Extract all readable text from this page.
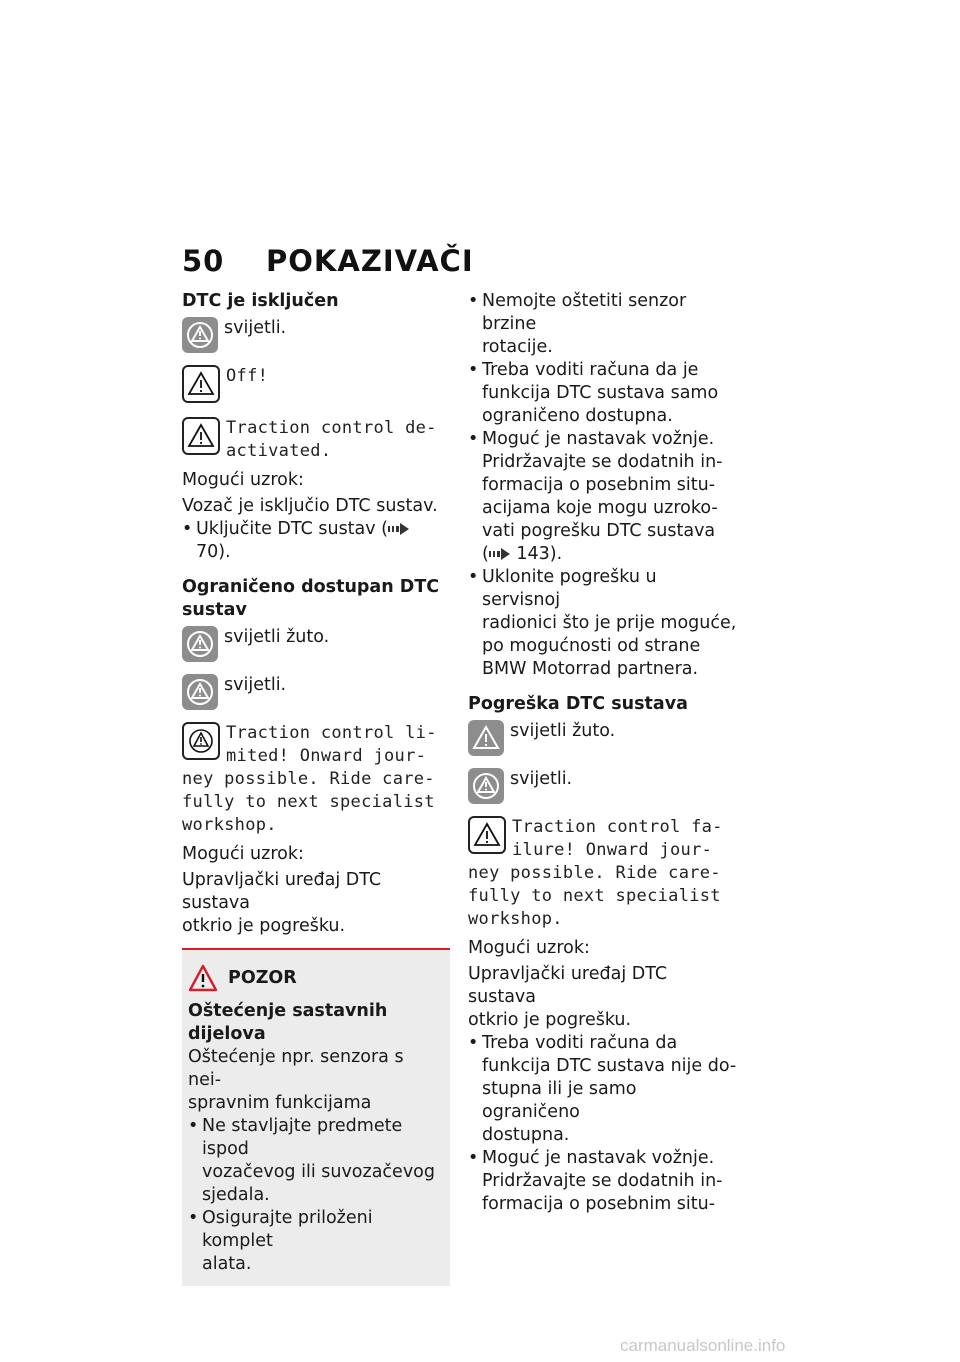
50 POKAZIVAČI

DTC je isključen

svijetli.
Off!
Traction control de-
activated.

Mogući uzrok:

Vozač je isključio DTC sustav.

• Uključite DTC sustav ( 70).

Ograničeno dostupan DTC

sustav

svijetli žuto.
svijetli.
Traction control li-
mited! Onward jour-
ney possible. Ride care-
fully to next specialist
workshop.

Mogući uzrok:

Upravljački uređaj DTC sustava

otkrio je pogrešku.

POZOR

Oštećenje sastavnih dijelova

Oštećenje npr. senzora s nei-

spravnim funkcijama

• Ne stavljajte predmete ispod
vozačevog ili suvozačevog
sjedala.
• Osigurajte priloženi komplet
alata.
• Nemojte oštetiti senzor brzine
rotacije.
• Treba voditi računa da je
funkcija DTC sustava samo
ograničeno dostupna.
• Moguć je nastavak vožnje.
Pridržavajte se dodatnih in-
formacija o posebnim situ-
acijama koje mogu uzroko-
vati pogrešku DTC sustava
( 143).
• Uklonite pogrešku u servisnoj
radionici što je prije moguće,
po mogućnosti od strane
BMW Motorrad partnera.

Pogreška DTC sustava

svijetli žuto.
svijetli.
Traction control fa-
ilure! Onward jour-
ney possible. Ride care-
fully to next specialist
workshop.

Mogući uzrok:

Upravljački uređaj DTC sustava

otkrio je pogrešku.

• Treba voditi računa da
funkcija DTC sustava nije do-
stupna ili je samo ograničeno
dostupna.
• Moguć je nastavak vožnje.
Pridržavajte se dodatnih in-
formacija o posebnim situ-
carmanualsonline.info
